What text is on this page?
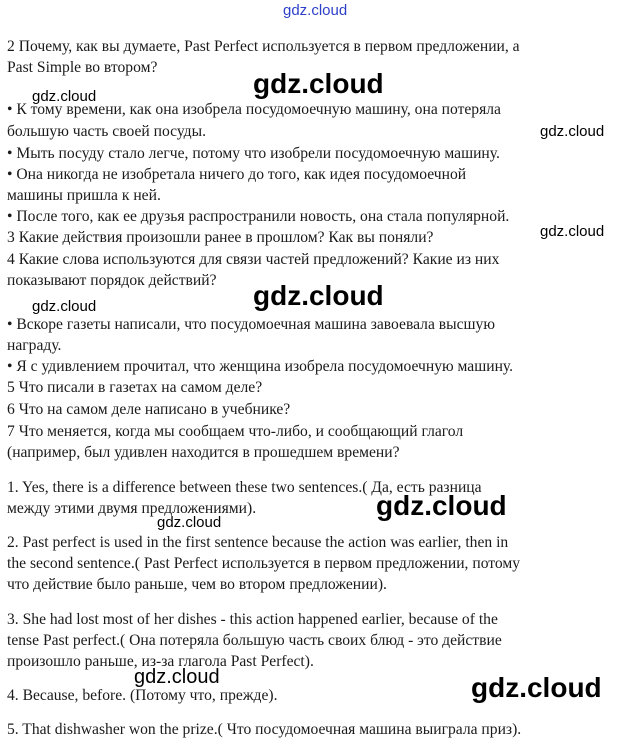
gdz.cloud
2 Почему, как вы думаете, Past Perfect используется в первом предложении, а
Past Simple во втором?
• К тому времени, как она изобрела посудомоечную машину, она потеряла
большую часть своей посуды.
• Мыть посуду стало легче, потому что изобрели посудомоечную машину.
• Она никогда не изобретала ничего до того, как идея посудомоечной
машины пришла к ней.
• После того, как ее друзья распространили новость, она стала популярной.
3 Какие действия произошли ранее в прошлом? Как вы поняли?
4 Какие слова используются для связи частей предложений? Какие из них
показывают порядок действий?
• Вскоре газеты написали, что посудомоечная машина завоевала высшую
награду.
• Я с удивлением прочитал, что женщина изобрела посудомоечную машину.
5 Что писали в газетах на самом деле?
6 Что на самом деле написано в учебнике?
7 Что меняется, когда мы сообщаем что-либо, и сообщающий глагол
(например, был удивлен находится в прошедшем времени?
1. Yes, there is a difference between these two sentences.( Да, есть разница
между этими двумя предложениями).
2. Past perfect is used in the first sentence because the action was earlier, then in
the second sentence.( Past Perfect используется в первом предложении, потому
что действие было раньше, чем во втором предложении).
3. She had lost most of her dishes - this action happened earlier, because of the
tense Past perfect.( Она потеряла большую часть своих блюд - это действие
произошло раньше, из-за глагола Past Perfect).
4. Because, before. (Потому что, прежде).
5. That dishwasher won the prize.( Что посудомоечная машина выиграла приз).
gdz.cloud
gdz.cloud
gdz.cloud
gdz.cloud
gdz.cloud
gdz.cloud
gdz.cloud
gdz.cloud
gdz.cloud
gdz.cloud
